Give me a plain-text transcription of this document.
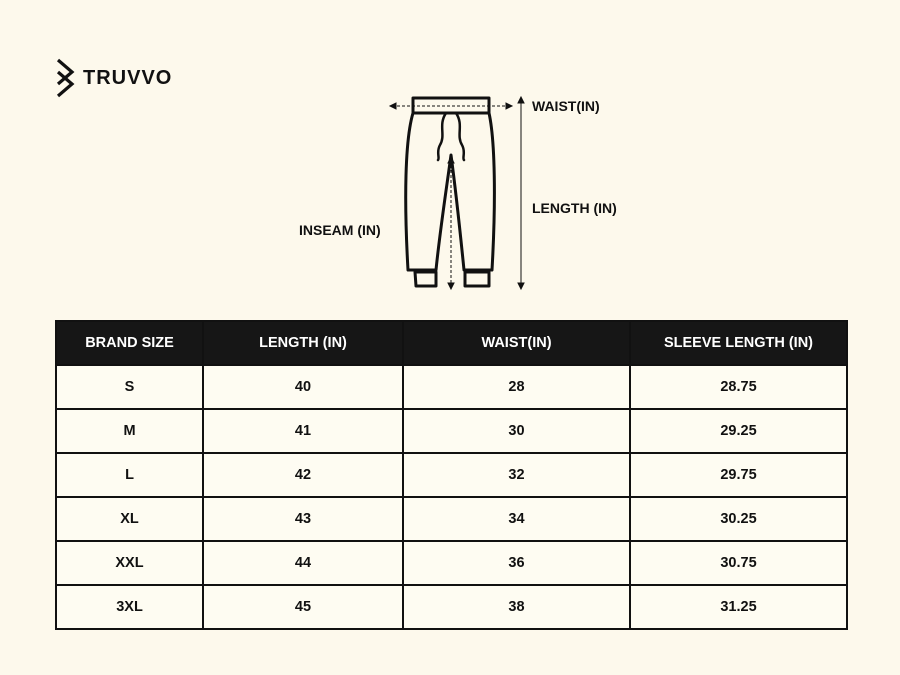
TRUVVO
WAIST(IN)
LENGTH (IN)
INSEAM (IN)
BRAND SIZE	LENGTH (IN)	WAIST(IN)	SLEEVE LENGTH (IN)
S	40	28	28.75
M	41	30	29.25
L	42	32	29.75
XL	43	34	30.25
XXL	44	36	30.75
3XL	45	38	31.25
